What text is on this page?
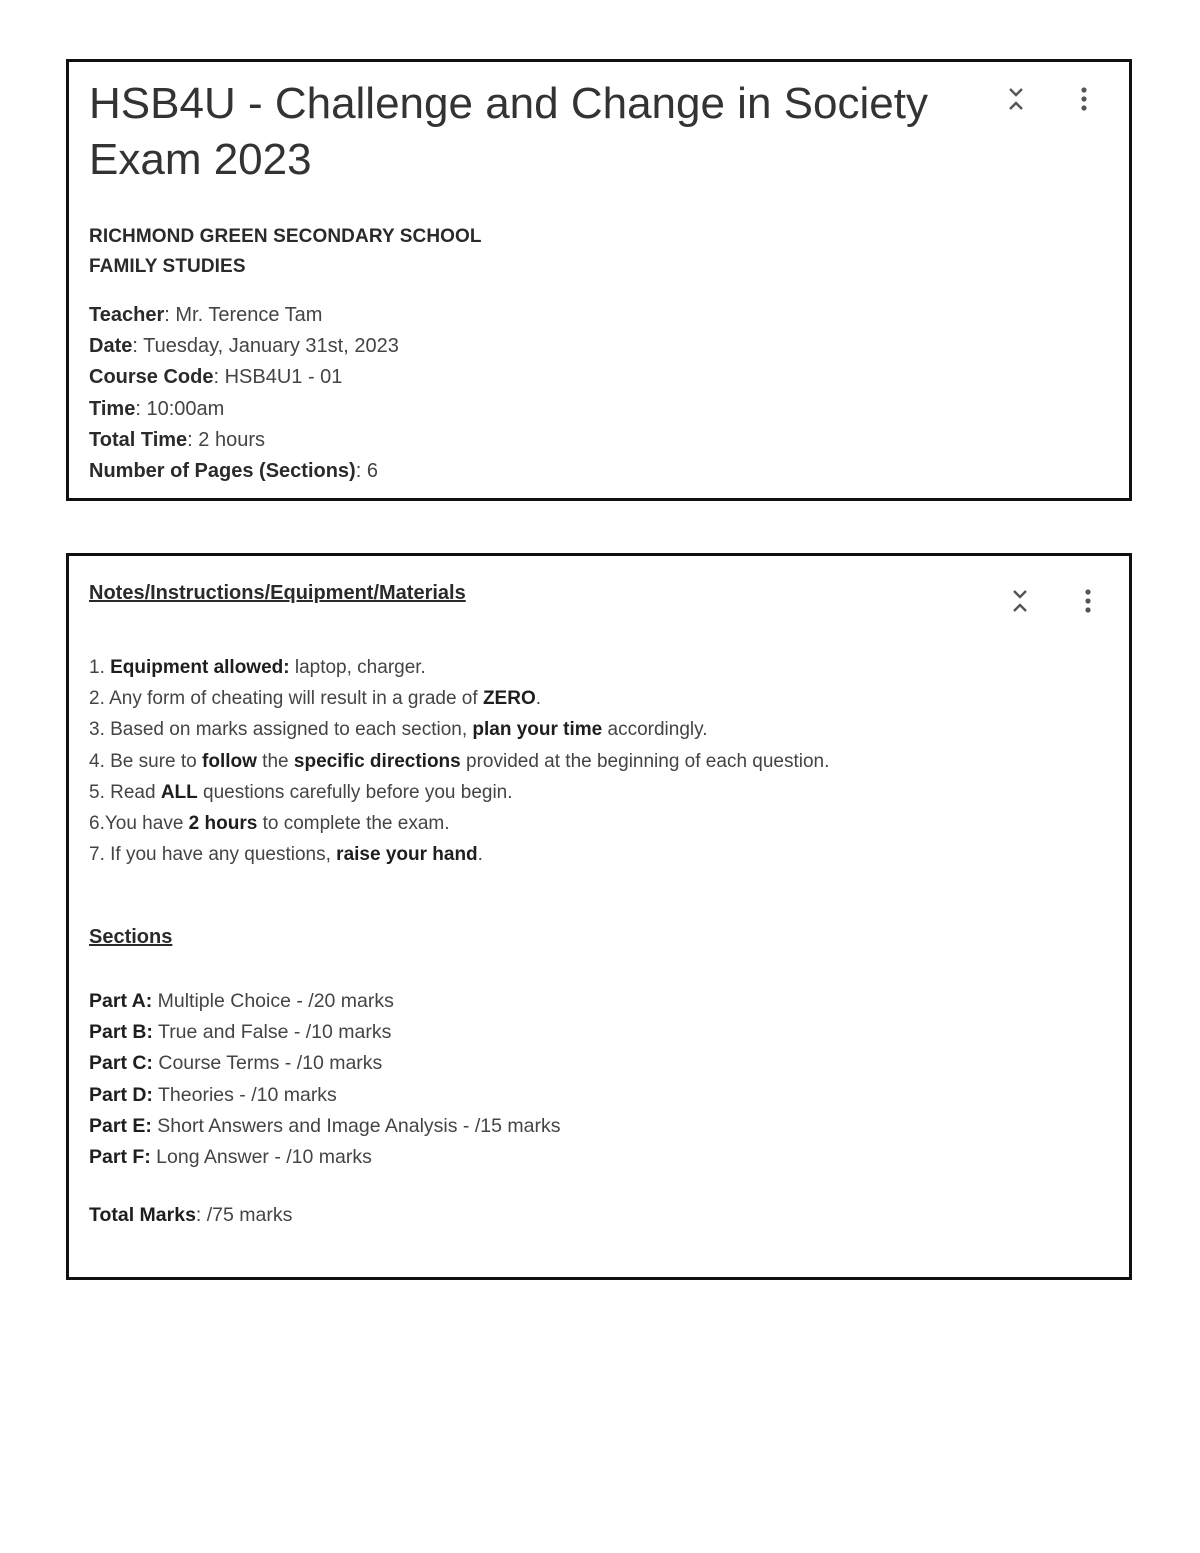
HSB4U - Challenge and Change in Society
Exam 2023
RICHMOND GREEN SECONDARY SCHOOL
FAMILY STUDIES
Teacher: Mr. Terence Tam
Date: Tuesday, January 31st, 2023
Course Code: HSB4U1 - 01
Time: 10:00am
Total Time: 2 hours
Number of Pages (Sections): 6
Notes/Instructions/Equipment/Materials
1. Equipment allowed: laptop, charger.
2. Any form of cheating will result in a grade of ZERO.
3. Based on marks assigned to each section, plan your time accordingly.
4. Be sure to follow the specific directions provided at the beginning of each question.
5. Read ALL questions carefully before you begin.
6.You have 2 hours to complete the exam.
7. If you have any questions, raise your hand.
Sections
Part A: Multiple Choice - /20 marks
Part B: True and False - /10 marks
Part C: Course Terms - /10 marks
Part D: Theories - /10 marks
Part E: Short Answers and Image Analysis - /15 marks
Part F: Long Answer - /10 marks
Total Marks: /75 marks
